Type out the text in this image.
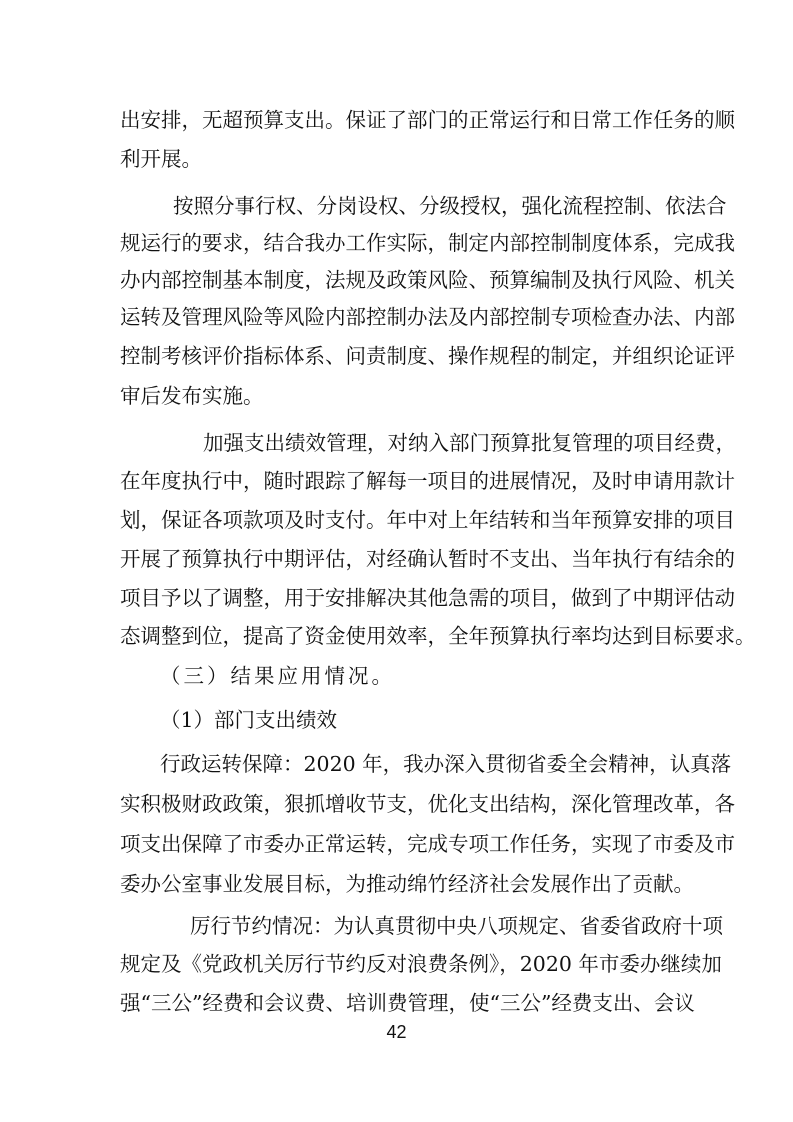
出安排，无超预算支出。保证了部门的正常运行和日常工作任务的顺
利开展。
按照分事行权、分岗设权、分级授权，强化流程控制、依法合
规运行的要求，结合我办工作实际，制定内部控制制度体系，完成我
办内部控制基本制度，法规及政策风险、预算编制及执行风险、机关
运转及管理风险等风险内部控制办法及内部控制专项检查办法、内部
控制考核评价指标体系、问责制度、操作规程的制定，并组织论证评
审后发布实施。
加强支出绩效管理，对纳入部门预算批复管理的项目经费，
在年度执行中，随时跟踪了解每一项目的进展情况，及时申请用款计
划，保证各项款项及时支付。年中对上年结转和当年预算安排的项目
开展了预算执行中期评估，对经确认暂时不支出、当年执行有结余的
项目予以了调整，用于安排解决其他急需的项目，做到了中期评估动
态调整到位，提高了资金使用效率，全年预算执行率均达到目标要求。
（三）结果应用情况。
（1）部门支出绩效
行政运转保障：2020 年，我办深入贯彻省委全会精神，认真落
实积极财政政策，狠抓增收节支，优化支出结构，深化管理改革，各
项支出保障了市委办正常运转，完成专项工作任务，实现了市委及市
委办公室事业发展目标，为推动绵竹经济社会发展作出了贡献。
厉行节约情况：为认真贯彻中央八项规定、省委省政府十项
规定及《党政机关厉行节约反对浪费条例》，2020 年市委办继续加
强“三公”经费和会议费、培训费管理，使“三公”经费支出、会议
42
